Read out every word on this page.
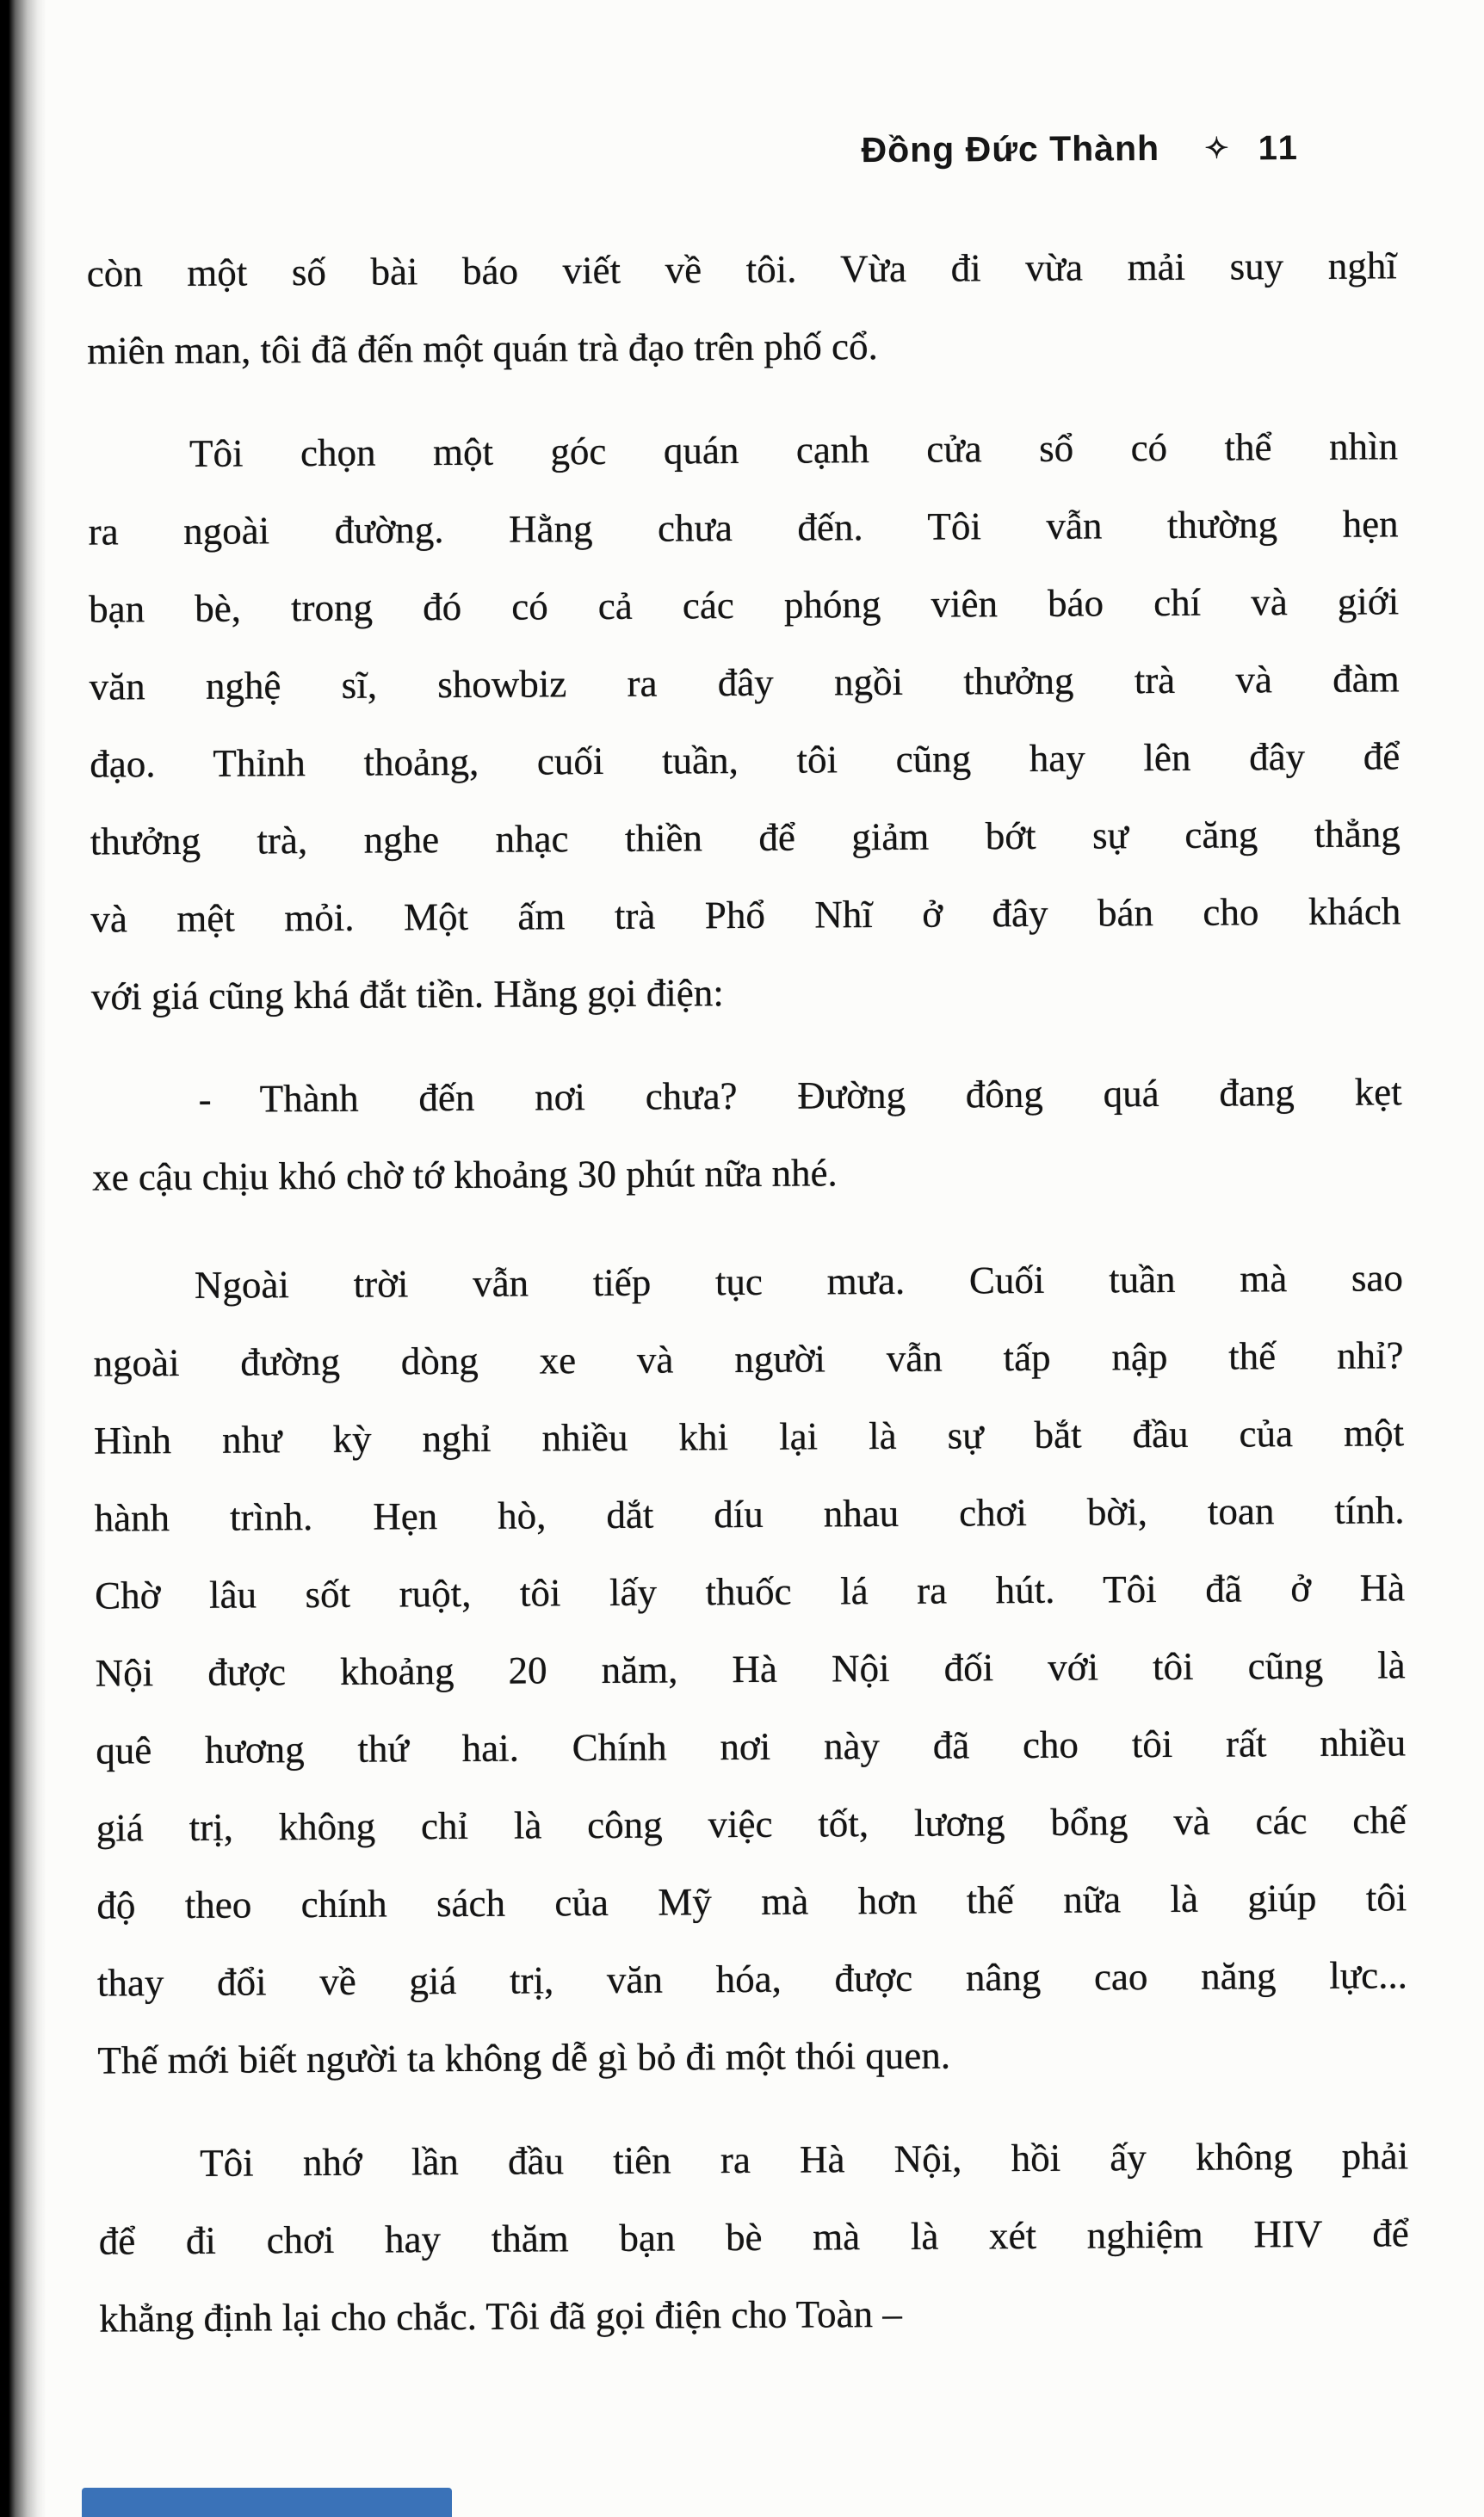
Đồng Đức Thành ✧ 11
còn một số bài báo viết về tôi. Vừa đi vừa mải suy nghĩ
miên man, tôi đã đến một quán trà đạo trên phố cổ.
Tôi chọn một góc quán cạnh cửa sổ có thể nhìn
ra ngoài đường. Hằng chưa đến. Tôi vẫn thường hẹn
bạn bè, trong đó có cả các phóng viên báo chí và giới
văn nghệ sĩ, showbiz ra đây ngồi thưởng trà và đàm
đạo. Thỉnh thoảng, cuối tuần, tôi cũng hay lên đây để
thưởng trà, nghe nhạc thiền để giảm bớt sự căng thẳng
và mệt mỏi. Một ấm trà Phổ Nhĩ ở đây bán cho khách
với giá cũng khá đắt tiền. Hằng gọi điện:
- Thành đến nơi chưa? Đường đông quá đang kẹt
xe cậu chịu khó chờ tớ khoảng 30 phút nữa nhé.
Ngoài trời vẫn tiếp tục mưa. Cuối tuần mà sao
ngoài đường dòng xe và người vẫn tấp nập thế nhỉ?
Hình như kỳ nghỉ nhiều khi lại là sự bắt đầu của một
hành trình. Hẹn hò, dắt díu nhau chơi bời, toan tính.
Chờ lâu sốt ruột, tôi lấy thuốc lá ra hút. Tôi đã ở Hà
Nội được khoảng 20 năm, Hà Nội đối với tôi cũng là
quê hương thứ hai. Chính nơi này đã cho tôi rất nhiều
giá trị, không chỉ là công việc tốt, lương bổng và các chế
độ theo chính sách của Mỹ mà hơn thế nữa là giúp tôi
thay đổi về giá trị, văn hóa, được nâng cao năng lực...
Thế mới biết người ta không dễ gì bỏ đi một thói quen.
Tôi nhớ lần đầu tiên ra Hà Nội, hồi ấy không phải
để đi chơi hay thăm bạn bè mà là xét nghiệm HIV để
khẳng định lại cho chắc. Tôi đã gọi điện cho Toàn –
